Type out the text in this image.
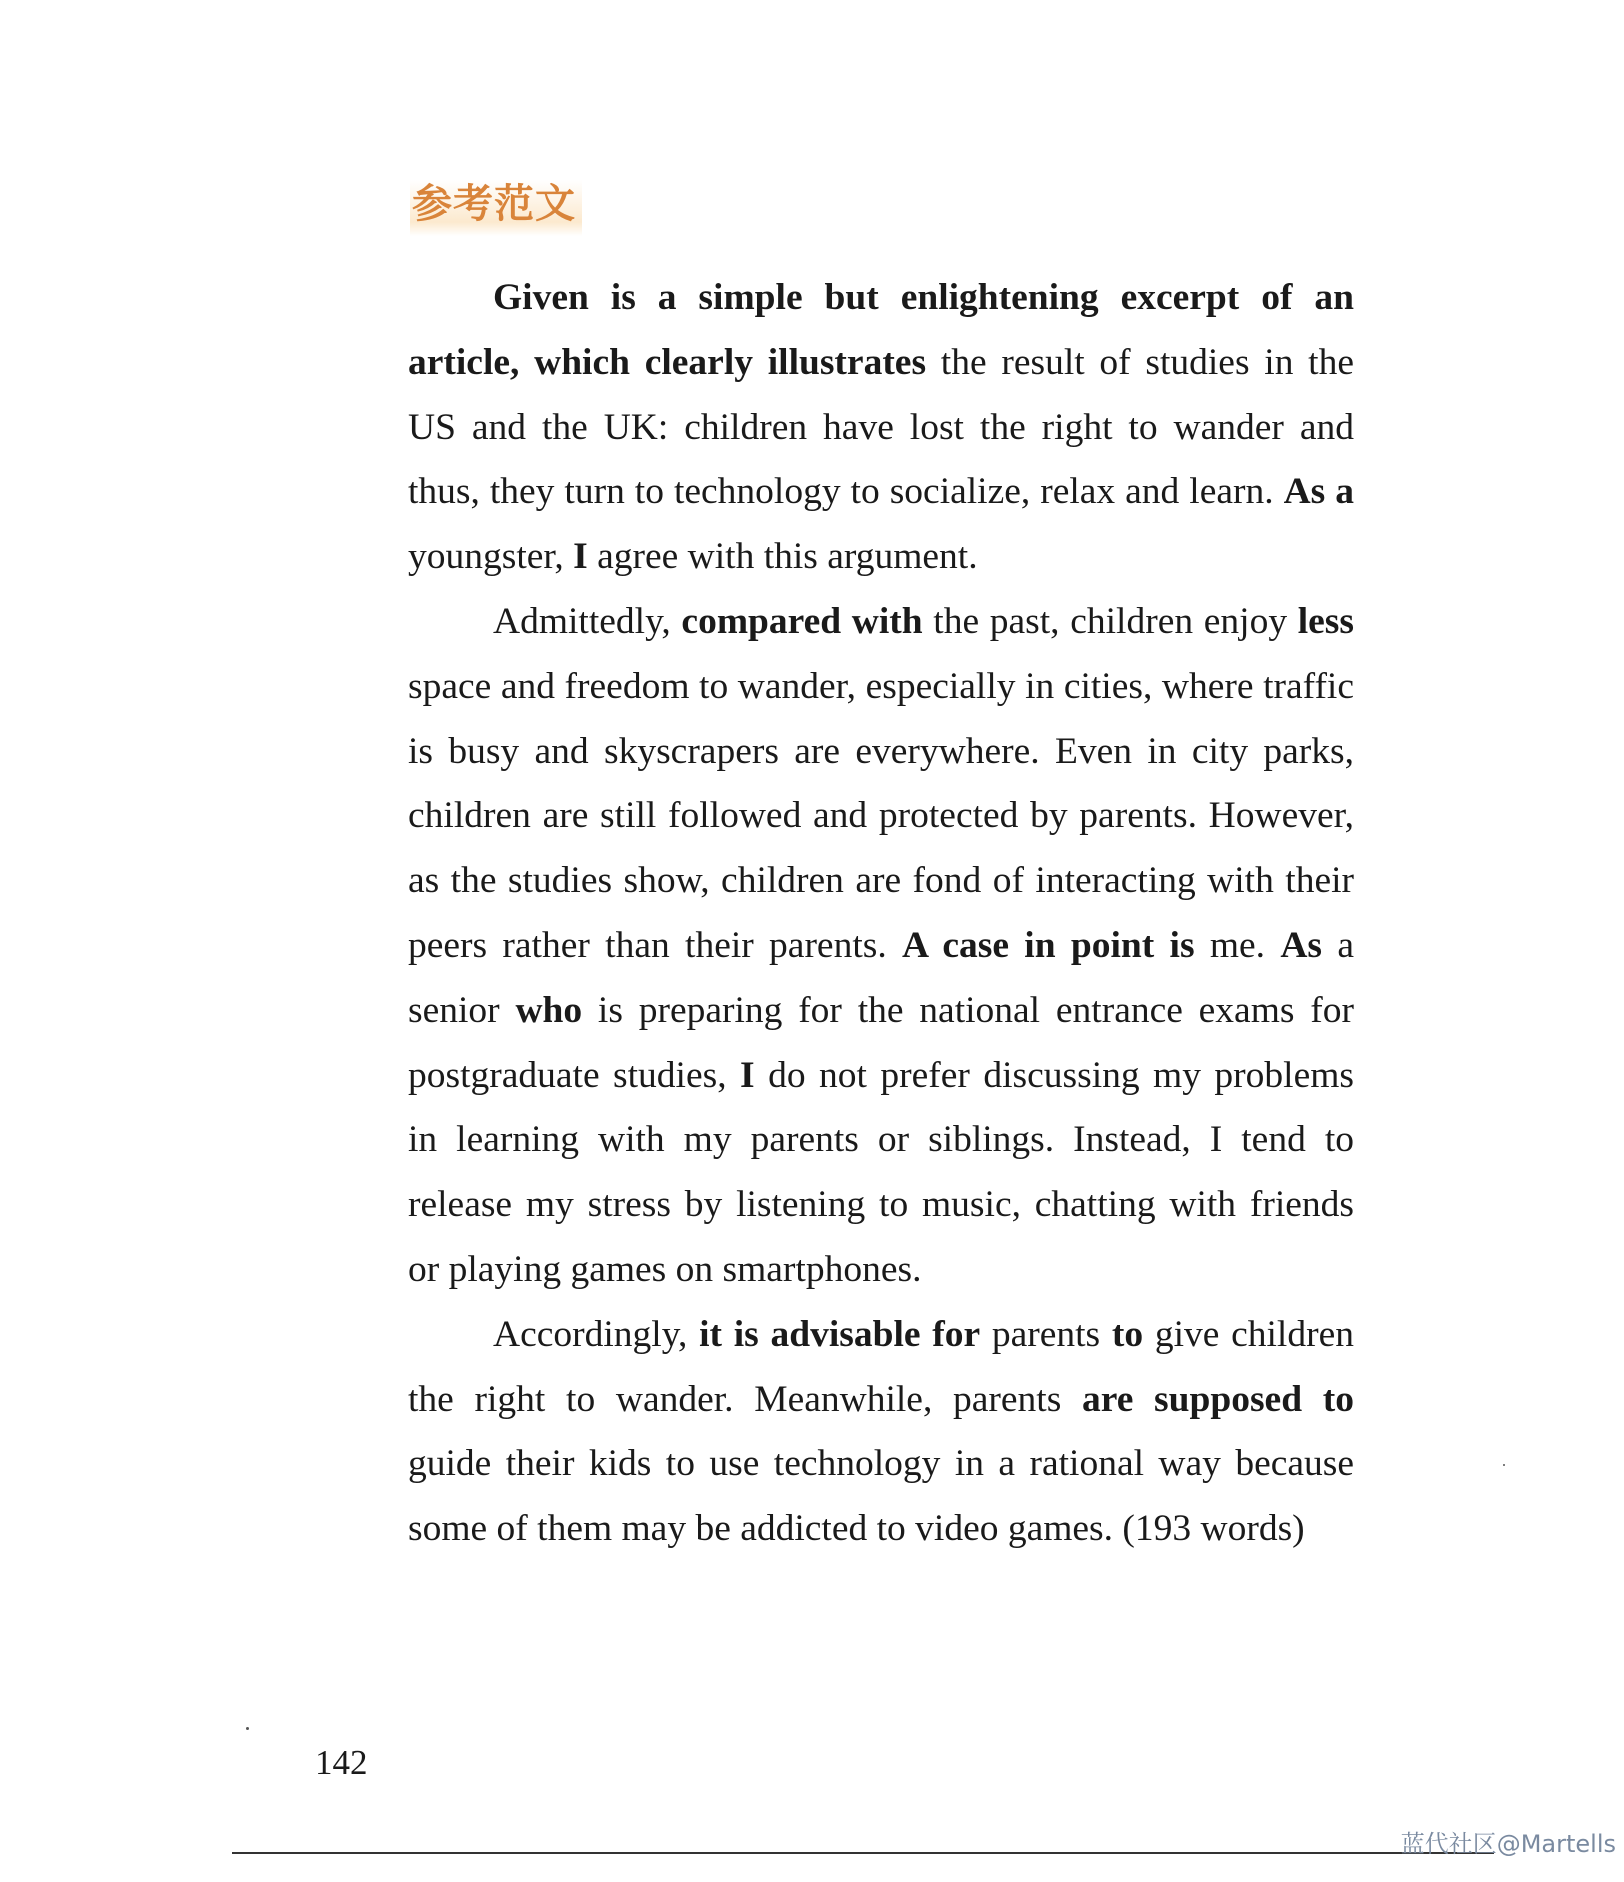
参考范文

Given is a simple but enlightening excerpt of an article, which clearly illustrates the result of studies in the US and the UK: children have lost the right to wander and thus, they turn to technology to socialize, relax and learn. As a youngster, I agree with this argument.

Admittedly, compared with the past, children enjoy less space and freedom to wander, especially in cities, where traffic is busy and skyscrapers are everywhere. Even in city parks, children are still followed and protected by parents. However, as the studies show, children are fond of interacting with their peers rather than their parents. A case in point is me. As a senior who is preparing for the national entrance exams for postgraduate studies, I do not prefer discussing my problems in learning with my parents or siblings. Instead, I tend to release my stress by listening to music, chatting with friends or playing games on smartphones.

Accordingly, it is advisable for parents to give children the right to wander. Meanwhile, parents are supposed to guide their kids to use technology in a rational way because some of them may be addicted to video games. (193 words)

142
蓝代社区@Martells
